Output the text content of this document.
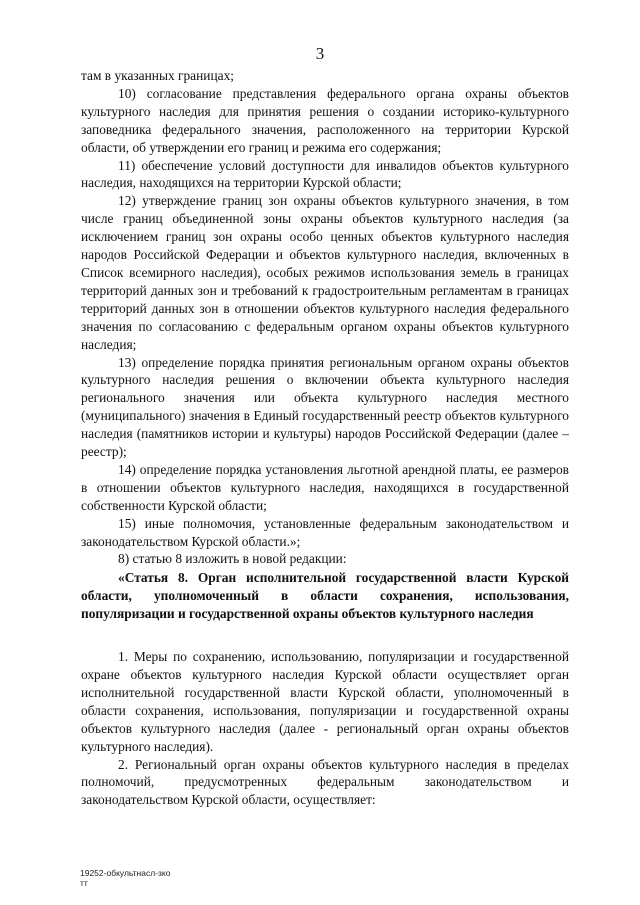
3

там в указанных границах;

10) согласование представления федерального органа охраны объектов культурного наследия для принятия решения о создании историко-культурного заповедника федерального значения, расположенного на территории Курской области, об утверждении его границ и режима его содержания;

11) обеспечение условий доступности для инвалидов объектов культурного наследия, находящихся на территории Курской области;

12) утверждение границ зон охраны объектов культурного значения, в том числе границ объединенной зоны охраны объектов культурного наследия (за исключением границ зон охраны особо ценных объектов культурного наследия народов Российской Федерации и объектов культурного наследия, включенных в Список всемирного наследия), особых режимов использования земель в границах территорий данных зон и требований к градостроительным регламентам в границах территорий данных зон в отношении объектов культурного наследия федерального значения по согласованию с федеральным органом охраны объектов культурного наследия;

13) определение порядка принятия региональным органом охраны объектов культурного наследия решения о включении объекта культурного наследия регионального значения или объекта культурного наследия местного (муниципального) значения в Единый государственный реестр объектов культурного наследия (памятников истории и культуры) народов Российской Федерации (далее – реестр);

14) определение порядка установления льготной арендной платы, ее размеров в отношении объектов культурного наследия, находящихся в государственной собственности Курской области;

15) иные полномочия, установленные федеральным законодательством и законодательством Курской области.»;

8) статью 8 изложить в новой редакции:

«Статья 8. Орган исполнительной государственной власти Курской области, уполномоченный в области сохранения, использования, популяризации и государственной охраны объектов культурного наследия

1. Меры по сохранению, использованию, популяризации и государственной охране объектов культурного наследия Курской области осуществляет орган исполнительной государственной власти Курской области, уполномоченный в области сохранения, использования, популяризации и государственной охраны объектов культурного наследия (далее - региональный орган охраны объектов культурного наследия).

2. Региональный орган охраны объектов культурного наследия в пределах полномочий, предусмотренных федеральным законодательством и законодательством Курской области, осуществляет:

19252-обкультнасл-зко
тт
